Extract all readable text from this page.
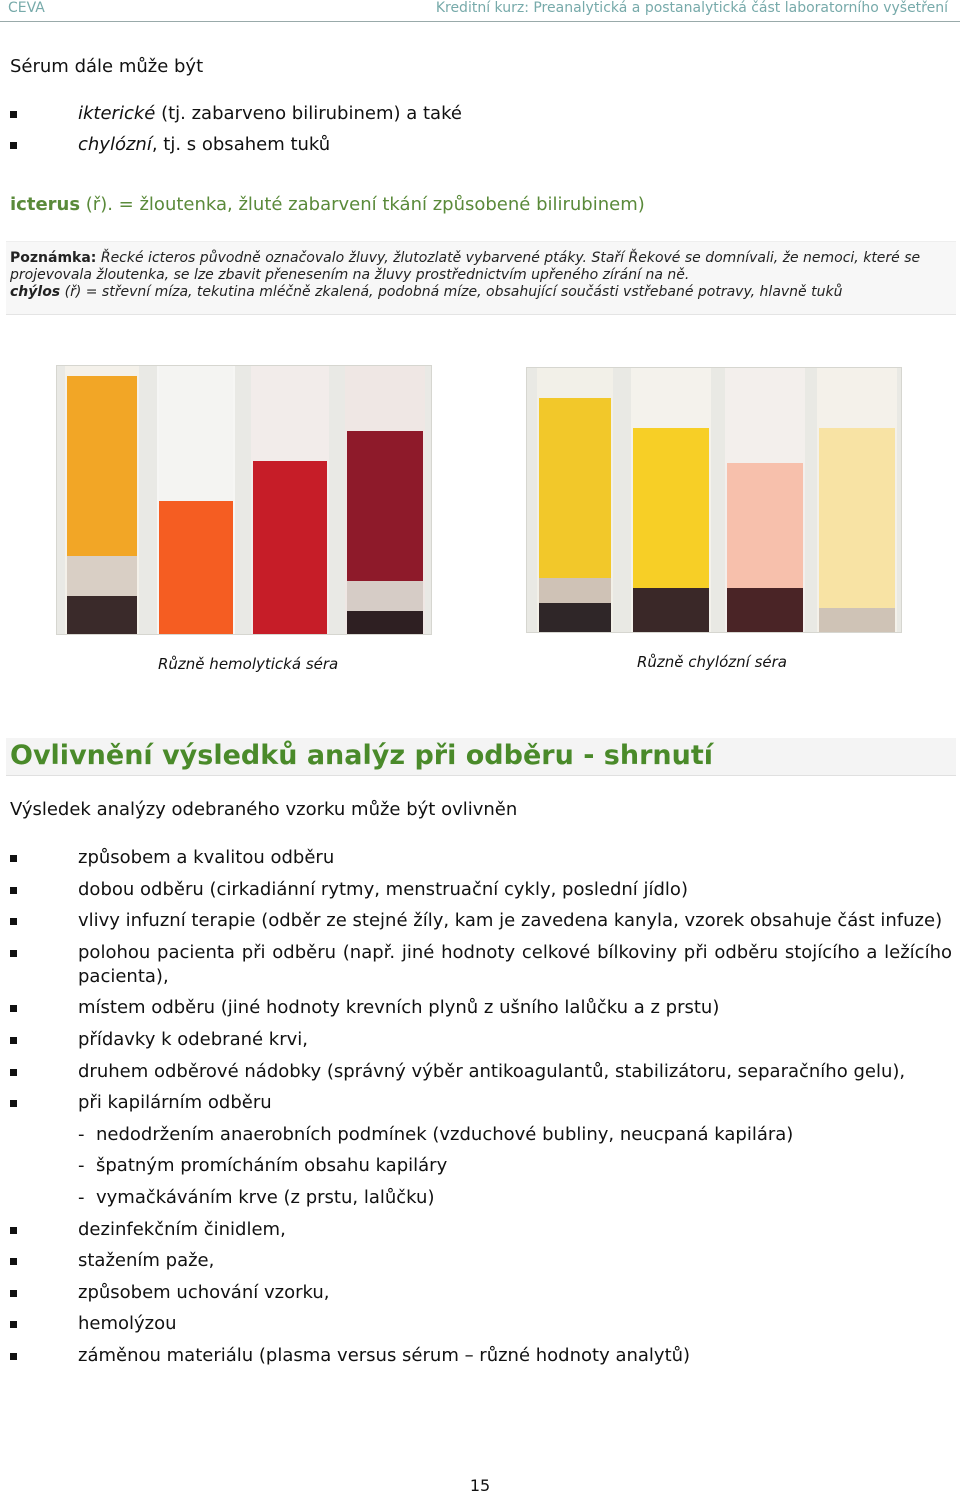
CEVA	Kreditní kurz: Preanalytická a postanalytická část laboratorního vyšetření
Sérum dále může být
ikterické (tj. zabarveno bilirubinem) a také
chylózní, tj. s obsahem tuků
icterus (ř). = žloutenka, žluté zabarvení tkání způsobené bilirubinem)
Poznámka: Řecké icteros původně označovalo žluvy, žlutozlatě vybarvené ptáky. Staří Řekové se domnívali, že nemoci, které se
projevovala žloutenka, se lze zbavit přenesením na žluvy prostřednictvím upřeného zírání na ně.
chýlos (ř) = střevní míza, tekutina mléčně zkalená, podobná míze, obsahující součásti vstřebané potravy, hlavně tuků
Různě hemolytická séra	Různě chylózní séra
Ovlivnění výsledků analýz při odběru - shrnutí
Výsledek analýzy odebraného vzorku může být ovlivněn
způsobem a kvalitou odběru
dobou odběru (cirkadiánní rytmy, menstruační cykly, poslední jídlo)
vlivy infuzní terapie (odběr ze stejné žíly, kam je zavedena kanyla, vzorek obsahuje část infuze)
polohou pacienta při odběru (např. jiné hodnoty celkové bílkoviny při odběru stojícího a ležícího pacienta),
místem odběru (jiné hodnoty krevních plynů z ušního lalůčku a z prstu)
přídavky k odebrané krvi,
druhem odběrové nádobky (správný výběr antikoagulantů, stabilizátoru, separačního gelu),
při kapilárním odběru
- nedodržením anaerobních podmínek (vzduchové bubliny, neucpaná kapilára)
- špatným promícháním obsahu kapiláry
- vymačkáváním krve (z prstu, lalůčku)
dezinfekčním činidlem,
stažením paže,
způsobem uchování vzorku,
hemolýzou
záměnou materiálu (plasma versus sérum – různé hodnoty analytů)
15
